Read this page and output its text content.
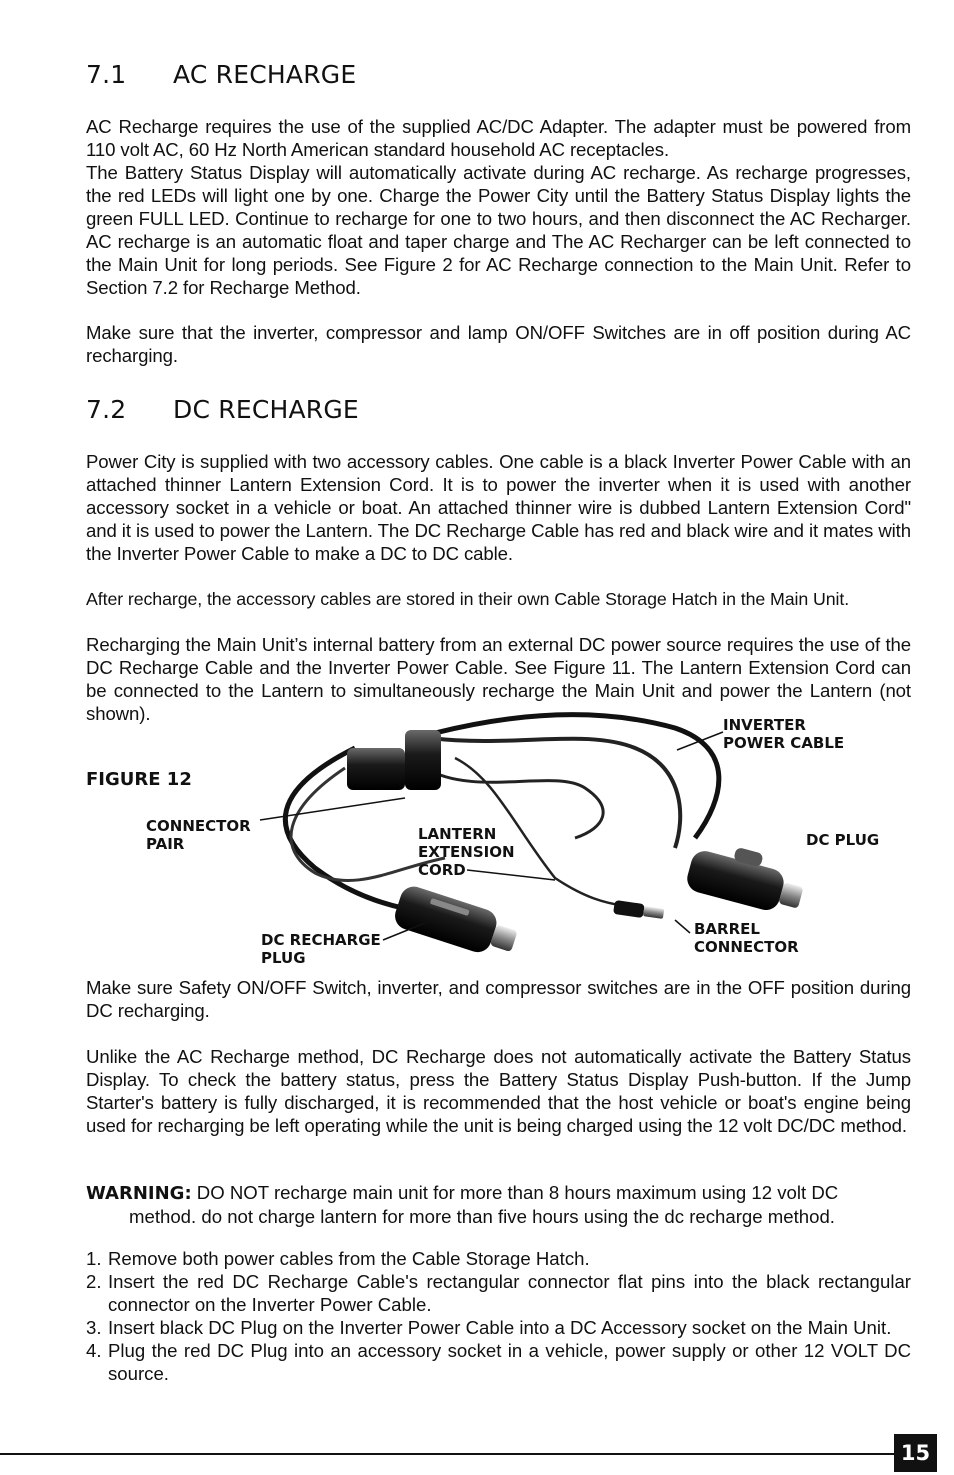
7.1 AC RECHARGE

AC Recharge requires the use of the supplied AC/DC Adapter. The adapter must be powered from 110 volt AC, 60 Hz North American standard household AC receptacles.

The Battery Status Display will automatically activate during AC recharge. As recharge progresses, the red LEDs will light one by one. Charge the Power City until the Battery Status Display lights the green FULL LED. Continue to recharge for one to two hours, and then disconnect the AC Recharger. AC recharge is an automatic float and taper charge and The AC Recharger can be left connected to the Main Unit for long periods. See Figure 2 for AC Recharge connection to the Main Unit. Refer to Section 7.2 for Recharge Method.

Make sure that the inverter, compressor and lamp ON/OFF Switches are in off position during AC recharging.

7.2 DC RECHARGE

Power City is supplied with two accessory cables. One cable is a black Inverter Power Cable with an attached thinner Lantern Extension Cord. It is to power the inverter when it is used with another accessory socket in a vehicle or boat. An attached thinner wire is dubbed Lantern Extension Cord" and it is used to power the Lantern. The DC Recharge Cable has red and black wire and it mates with the Inverter Power Cable to make a DC to DC cable.

After recharge, the accessory cables are stored in their own Cable Storage Hatch in the Main Unit.

Recharging the Main Unit’s internal battery from an external DC power source requires the use of the DC Recharge Cable and the Inverter Power Cable. See Figure 11. The Lantern Extension Cord can be connected to the Lantern to simultaneously recharge the Main Unit and power the Lantern (not shown).

FIGURE 12
INVERTER
POWER CABLE
CONNECTOR
PAIR
LANTERN
EXTENSION
CORD
DC PLUG
DC RECHARGE
PLUG
BARREL
CONNECTOR

Make sure Safety ON/OFF Switch, inverter, and compressor switches are in the OFF position during DC recharging.

Unlike the AC Recharge method, DC Recharge does not automatically activate the Battery Status Display. To check the battery status, press the Battery Status Display Push-button. If the Jump Starter's battery is fully discharged, it is recommended that the host vehicle or boat's engine being used for recharging be left operating while the unit is being charged using the 12 volt DC/DC method.

WARNING: DO NOT recharge main unit for more than 8 hours maximum using 12 volt DC
method. do not charge lantern for more than five hours using the dc recharge method.
1. Remove both power cables from the Cable Storage Hatch.
2. Insert the red DC Recharge Cable's rectangular connector flat pins into the black rectangular connector on the Inverter Power Cable.
3. Insert black DC Plug on the Inverter Power Cable into a DC Accessory socket on the Main Unit.
4. Plug the red DC Plug into an accessory socket in a vehicle, power supply or other 12 VOLT DC source.
15
